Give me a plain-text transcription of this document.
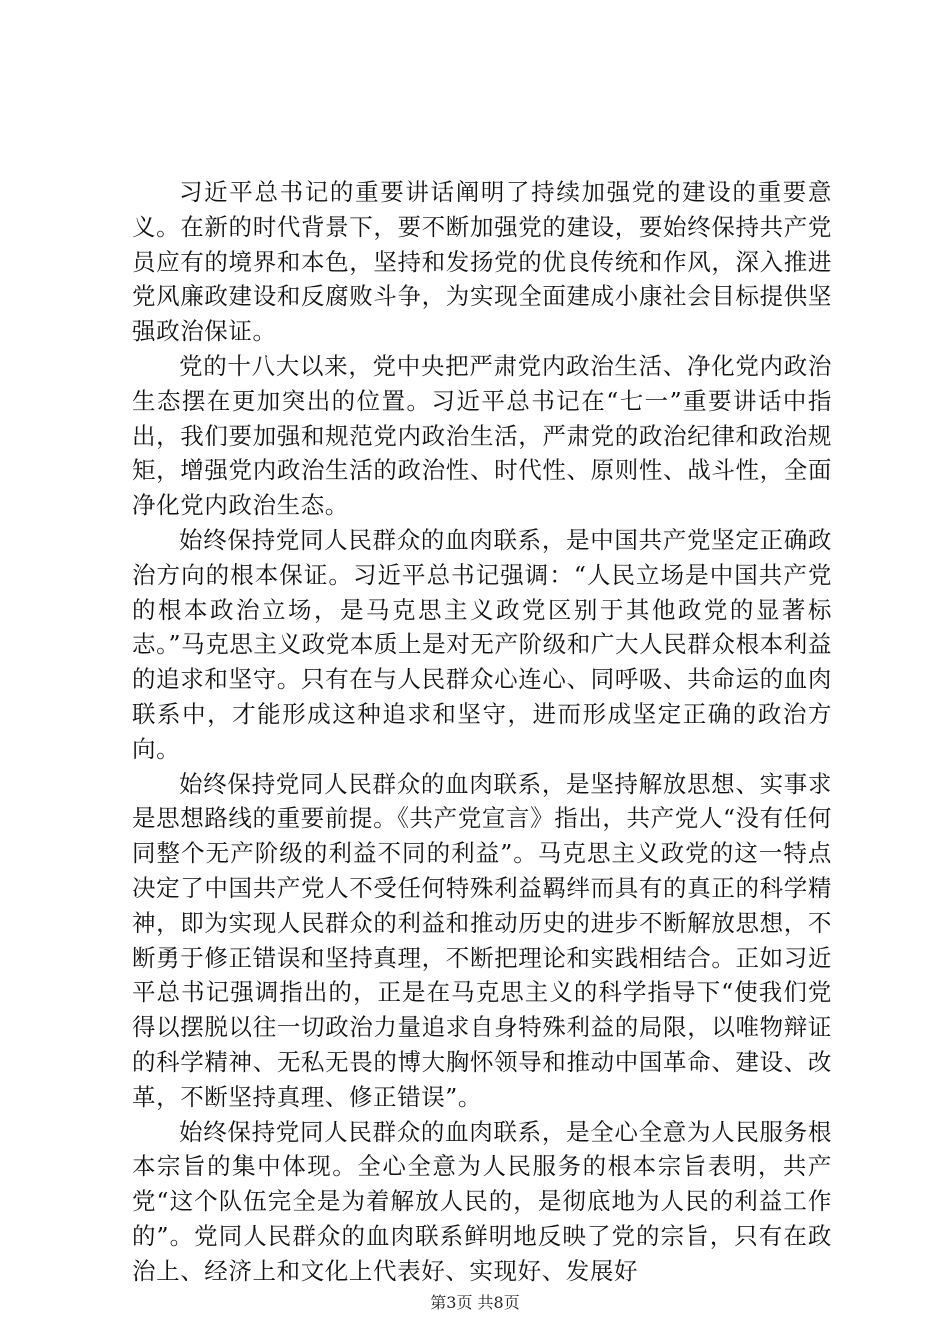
习近平总书记的重要讲话阐明了持续加强党的建设的重要意义。在新的时代背景下，要不断加强党的建设，要始终保持共产党员应有的境界和本色，坚持和发扬党的优良传统和作风，深入推进党风廉政建设和反腐败斗争，为实现全面建成小康社会目标提供坚强政治保证。

党的十八大以来，党中央把严肃党内政治生活、净化党内政治生态摆在更加突出的位置。习近平总书记在“七一”重要讲话中指出，我们要加强和规范党内政治生活，严肃党的政治纪律和政治规矩，增强党内政治生活的政治性、时代性、原则性、战斗性，全面净化党内政治生态。

始终保持党同人民群众的血肉联系，是中国共产党坚定正确政治方向的根本保证。习近平总书记强调：“人民立场是中国共产党的根本政治立场，是马克思主义政党区别于其他政党的显著标志。”马克思主义政党本质上是对无产阶级和广大人民群众根本利益的追求和坚守。只有在与人民群众心连心、同呼吸、共命运的血肉联系中，才能形成这种追求和坚守，进而形成坚定正确的政治方向。

始终保持党同人民群众的血肉联系，是坚持解放思想、实事求是思想路线的重要前提。《共产党宣言》指出，共产党人“没有任何同整个无产阶级的利益不同的利益”。马克思主义政党的这一特点决定了中国共产党人不受任何特殊利益羁绊而具有的真正的科学精神，即为实现人民群众的利益和推动历史的进步不断解放思想，不断勇于修正错误和坚持真理，不断把理论和实践相结合。正如习近平总书记强调指出的，正是在马克思主义的科学指导下“使我们党得以摆脱以往一切政治力量追求自身特殊利益的局限，以唯物辩证的科学精神、无私无畏的博大胸怀领导和推动中国革命、建设、改革，不断坚持真理、修正错误”。

始终保持党同人民群众的血肉联系，是全心全意为人民服务根本宗旨的集中体现。全心全意为人民服务的根本宗旨表明，共产党“这个队伍完全是为着解放人民的，是彻底地为人民的利益工作的”。党同人民群众的血肉联系鲜明地反映了党的宗旨，只有在政治上、经济上和文化上代表好、实现好、发展好

第3页 共8页
